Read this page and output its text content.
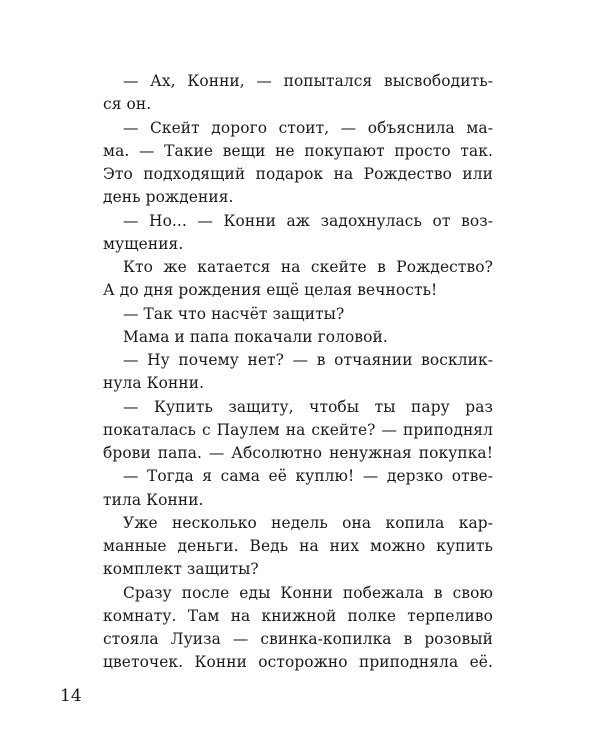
— Ах, Конни, — попытался высвободить-
ся он.
— Скейт дорого стоит, — объяснила ма-
ма. — Такие вещи не покупают просто так.
Это подходящий подарок на Рождество или
день рождения.
— Но... — Конни аж задохнулась от воз-
мущения.
Кто же катается на скейте в Рождество?
А до дня рождения ещё целая вечность!
— Так что насчёт защиты?
Мама и папа покачали головой.
— Ну почему нет? — в отчаянии восклик-
нула Конни.
— Купить защиту, чтобы ты пару раз
покаталась с Паулем на скейте? — приподнял
брови папа. — Абсолютно ненужная покупка!
— Тогда я сама её куплю! — дерзко отве-
тила Конни.
Уже несколько недель она копила кар-
манные деньги. Ведь на них можно купить
комплект защиты?
Сразу после еды Конни побежала в свою
комнату. Там на книжной полке терпеливо
стояла Луиза — свинка-копилка в розовый
цветочек. Конни осторожно приподняла её.
14
